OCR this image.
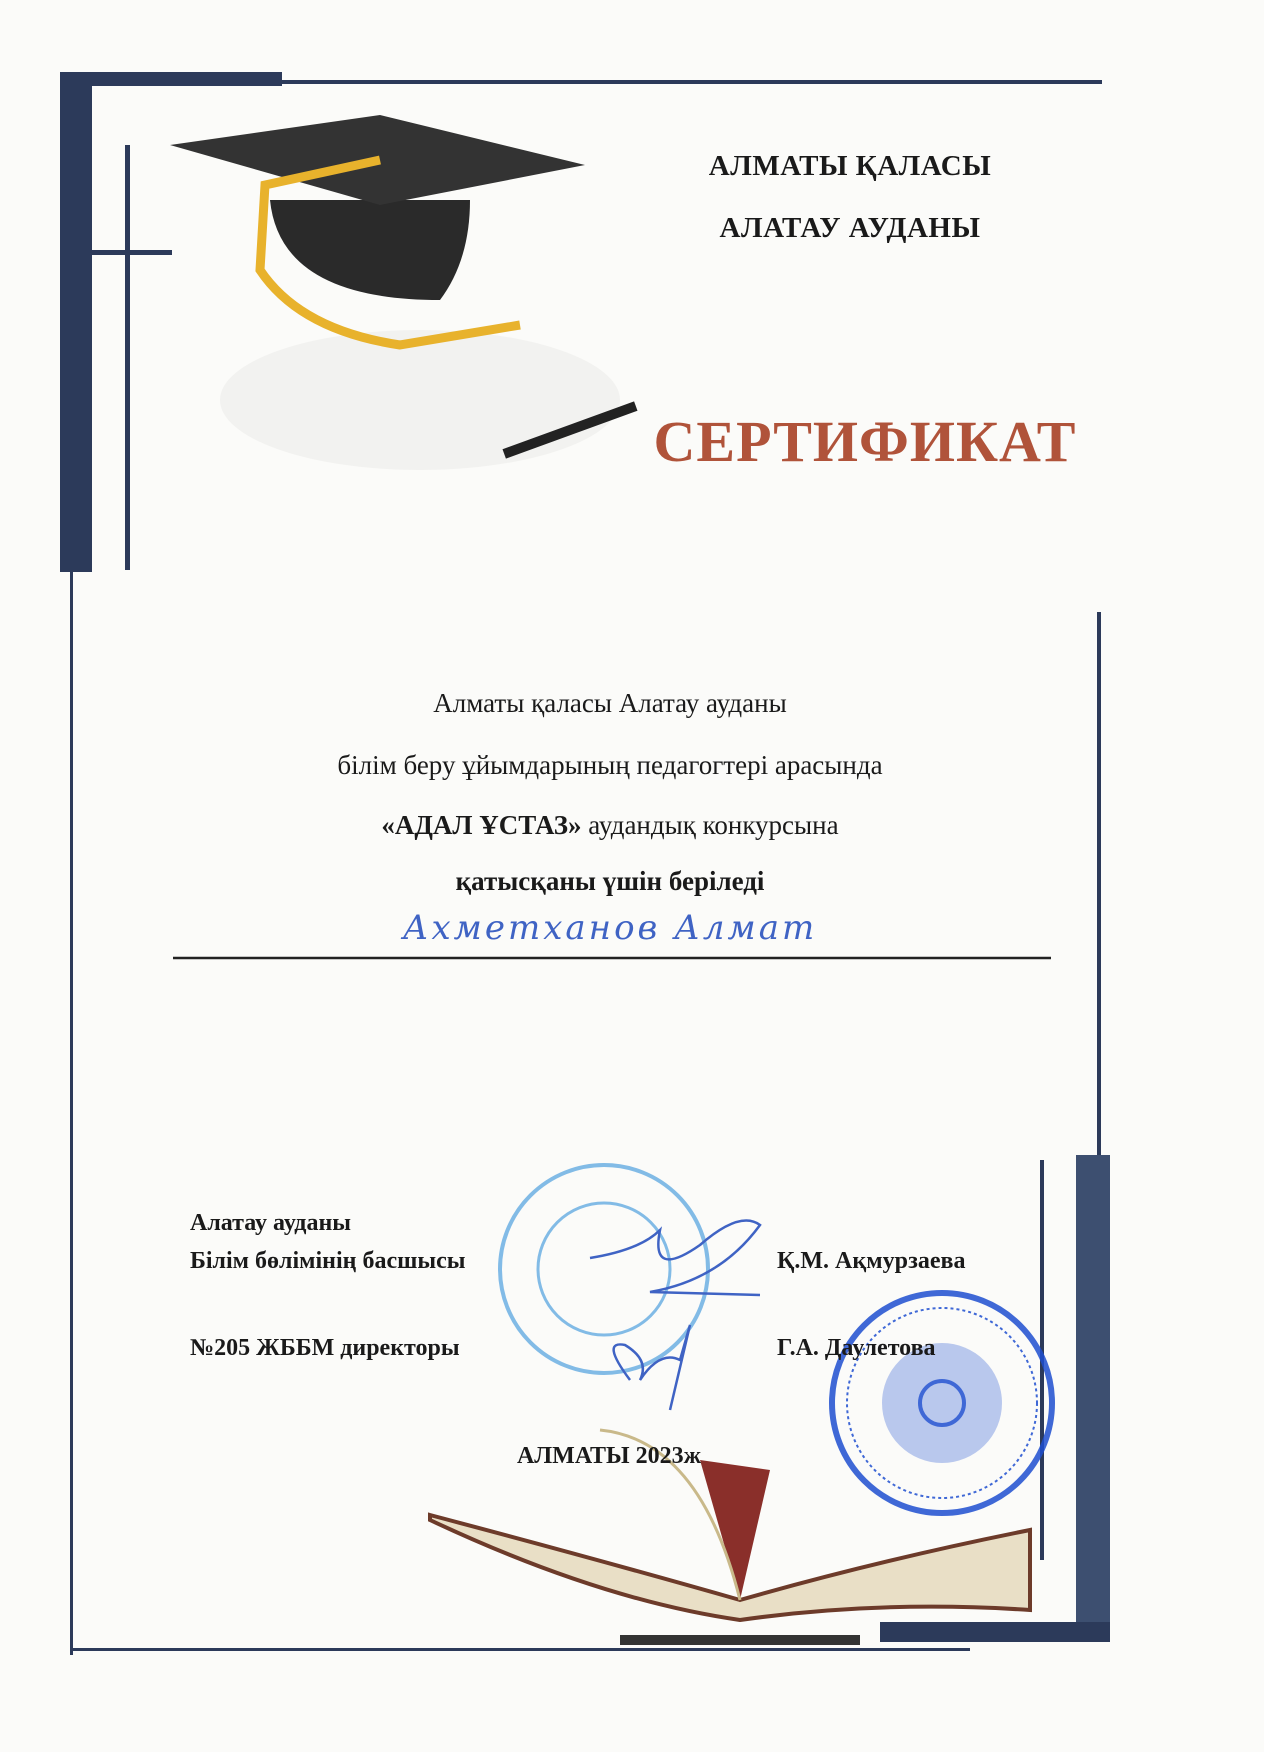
АЛМАТЫ ҚАЛАСЫ
АЛАТАУ АУДАНЫ
СЕРТИФИКАТ
Алматы қаласы Алатау ауданы
білім беру ұйымдарының педагогтері арасында
«АДАЛ ҰСТАЗ» аудандық конкурсына
қатысқаны үшін беріледі
Ахметханов Алмат
Алатау ауданы
Білім бөлімінің басшысы	Қ.М. Ақмурзаева
№205 ЖББМ директоры	Г.А. Даулетова
АЛМАТЫ 2023ж
